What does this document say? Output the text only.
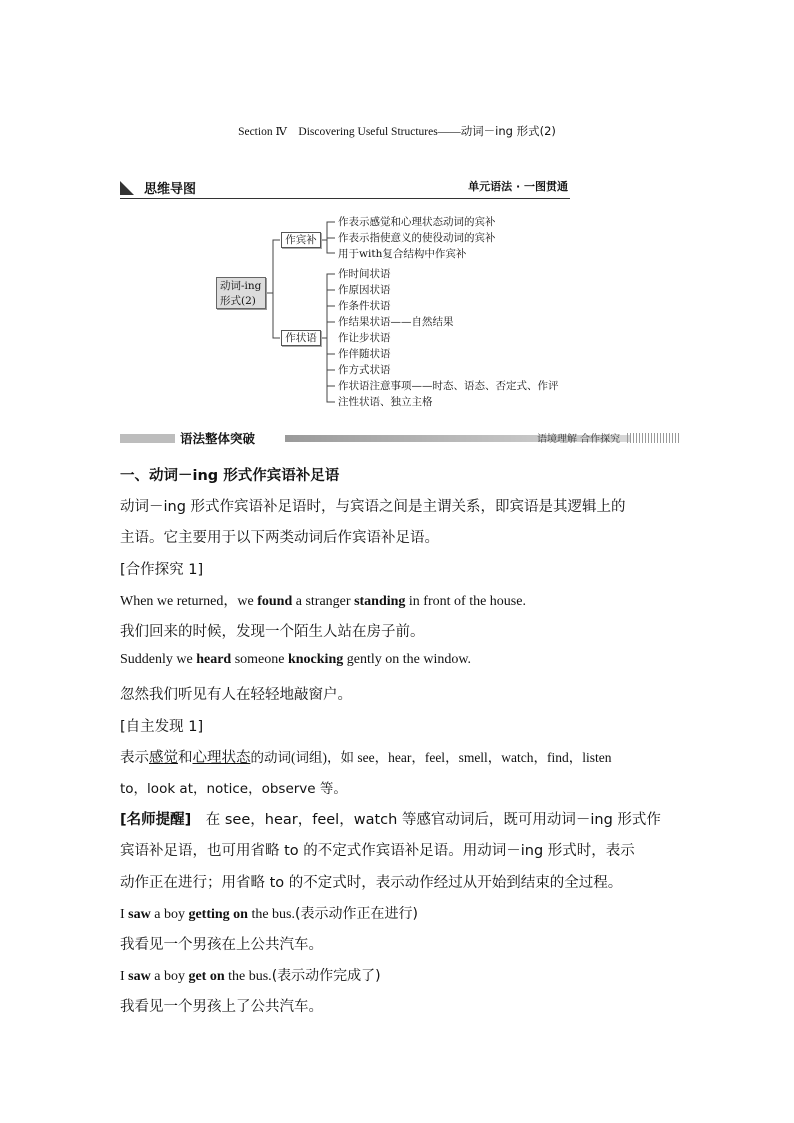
Section Ⅳ　Discovering Useful Structures——动词－ing 形式(2)
思维导图	单元语法 · 一图贯通
动词-ing
形式(2)
作宾补
作状语
作表示感觉和心理状态动词的宾补
作表示指使意义的使役动词的宾补
用于with复合结构中作宾补
作时间状语
作原因状语
作条件状语
作结果状语——自然结果
作让步状语
作伴随状语
作方式状语
作状语注意事项——时态、语态、否定式、作评
注性状语、独立主格
语法整体突破	语境理解 合作探究
一、动词－ing 形式作宾语补足语
动词－ing 形式作宾语补足语时，与宾语之间是主谓关系，即宾语是其逻辑上的
主语。它主要用于以下两类动词后作宾语补足语。
[合作探究 1]
When we returned，we found a stranger standing in front of the house.
我们回来的时候，发现一个陌生人站在房子前。
Suddenly we heard someone knocking gently on the window.
忽然我们听见有人在轻轻地敲窗户。
[自主发现 1]
表示感觉和心理状态的动词(词组)，如 see，hear，feel，smell，watch，find，listen
to，look at，notice，observe 等。
[名师提醒]　在 see，hear，feel，watch 等感官动词后，既可用动词－ing 形式作
宾语补足语，也可用省略 to 的不定式作宾语补足语。用动词－ing 形式时，表示
动作正在进行；用省略 to 的不定式时，表示动作经过从开始到结束的全过程。
I saw a boy getting on the bus.(表示动作正在进行)
我看见一个男孩在上公共汽车。
I saw a boy get on the bus.(表示动作完成了)
我看见一个男孩上了公共汽车。
